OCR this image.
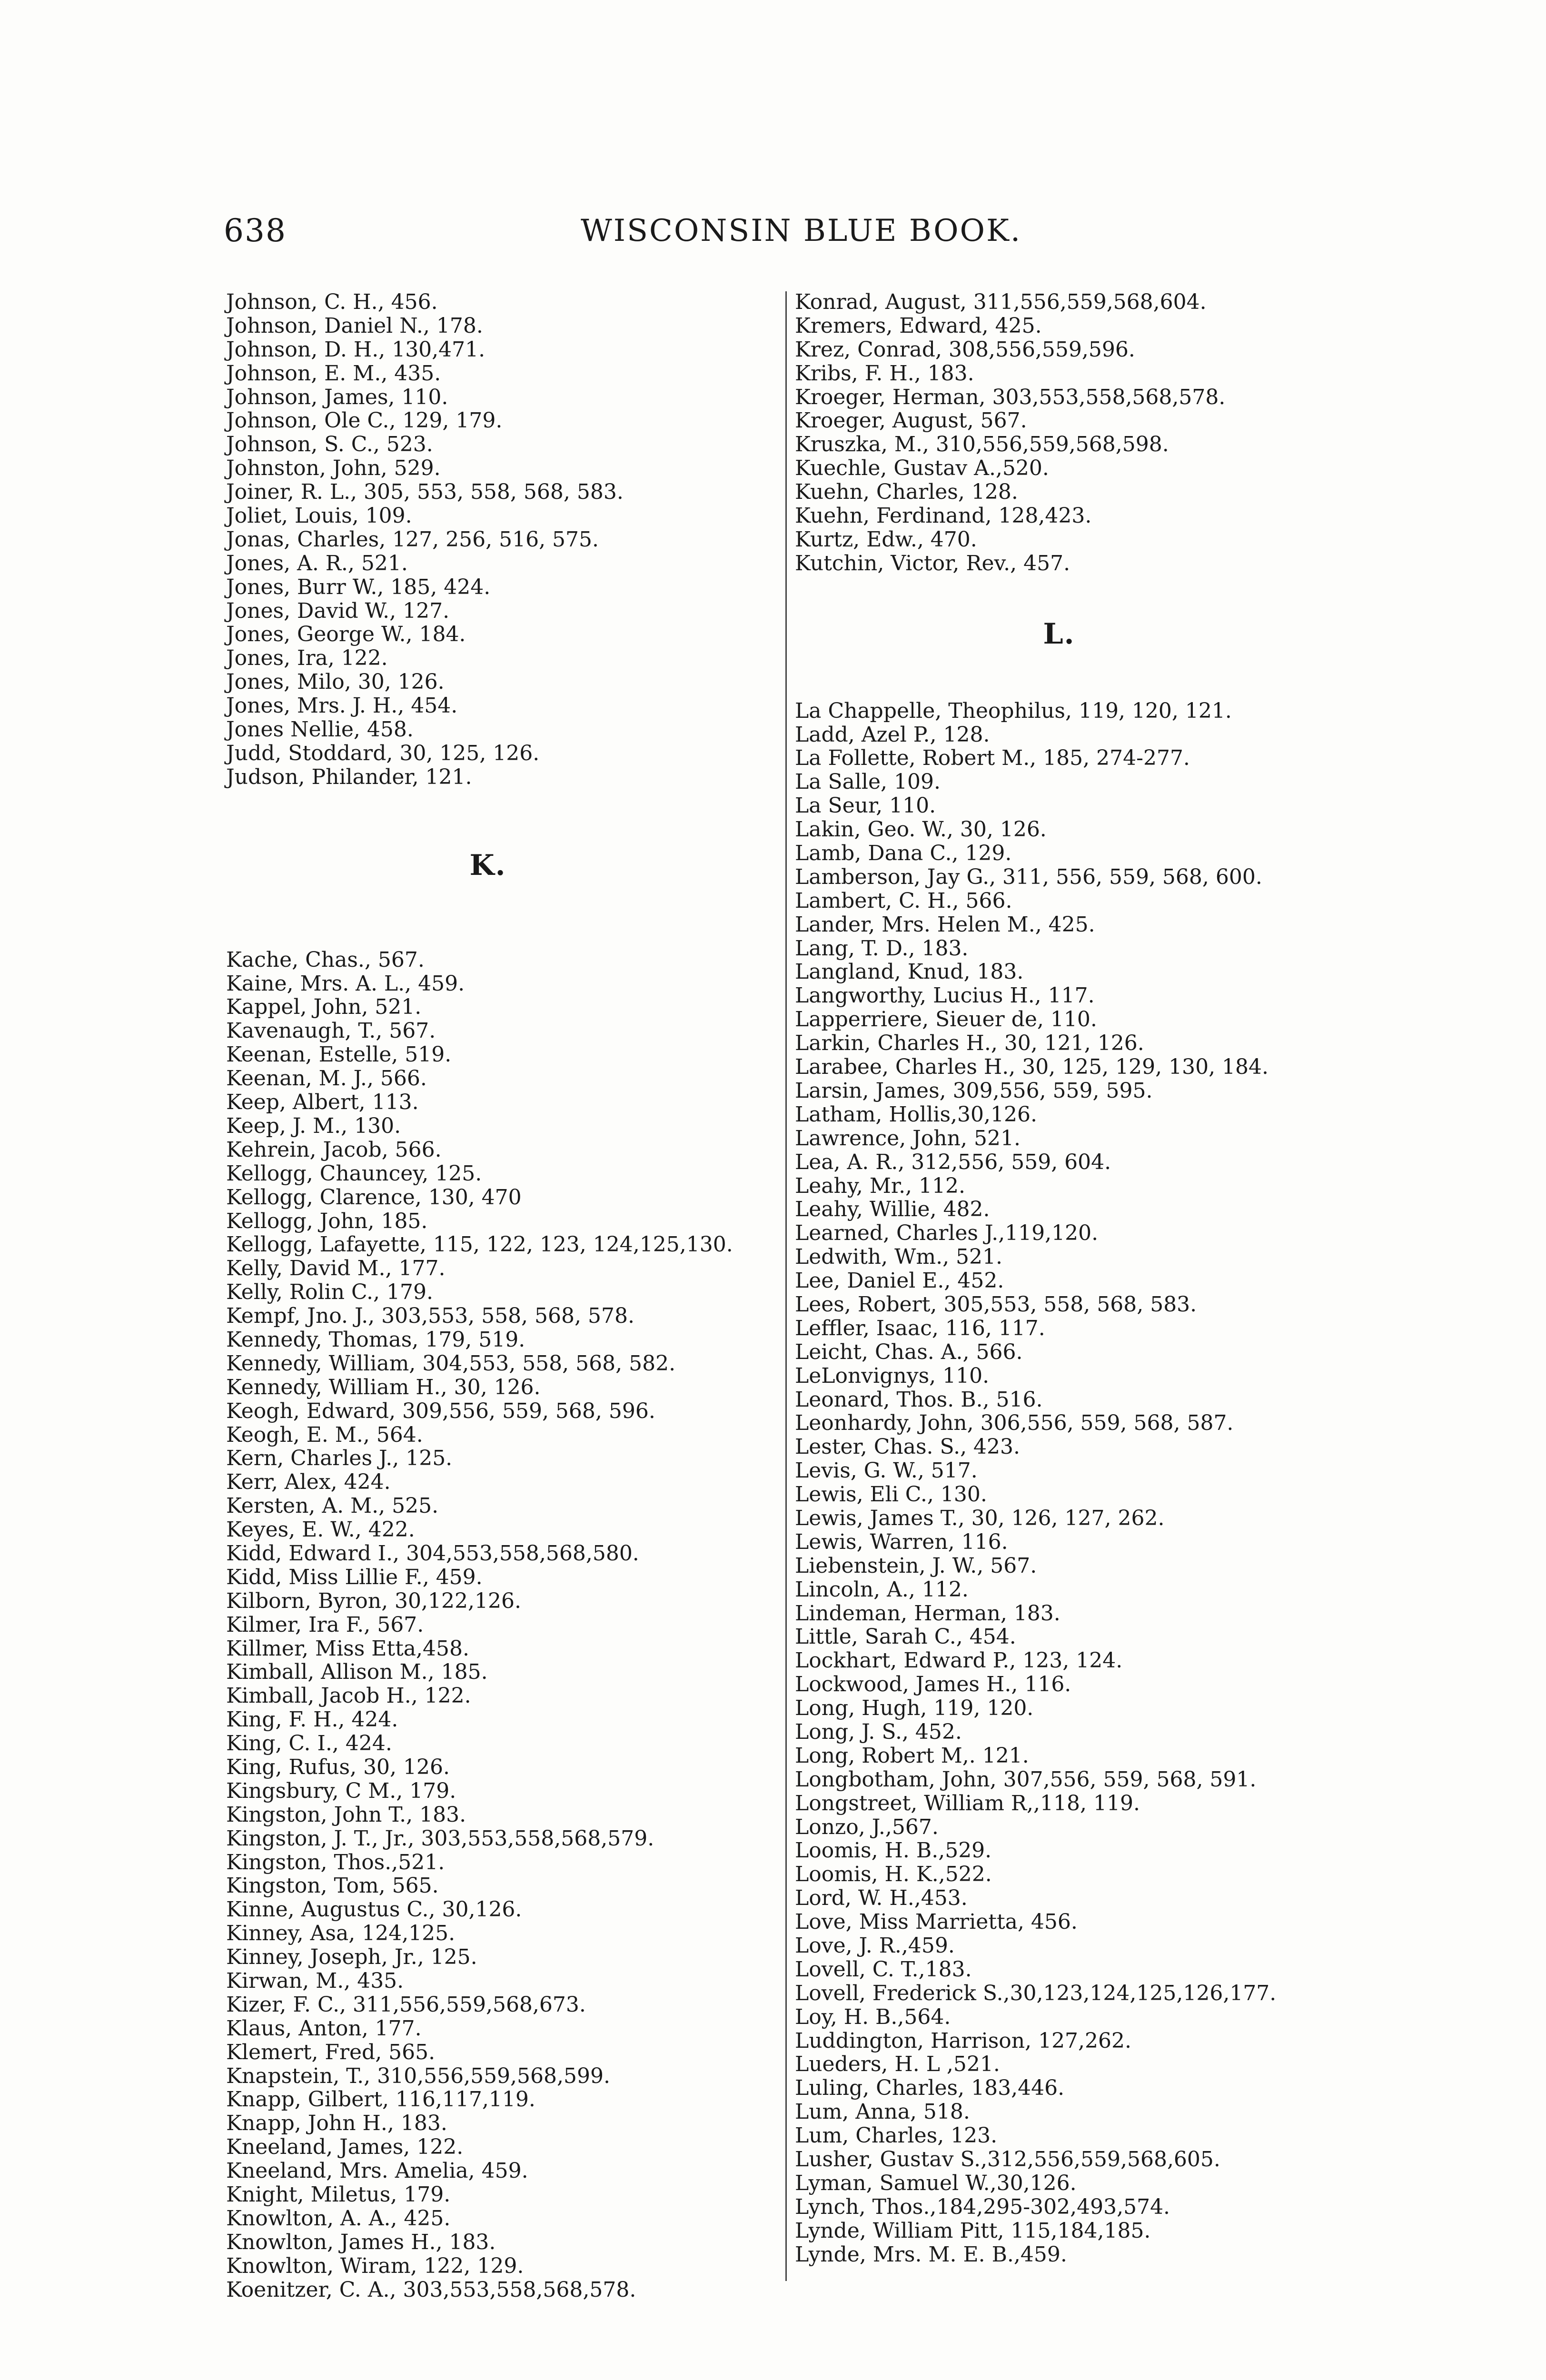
638	WISCONSIN BLUE BOOK.
Johnson, C. H., 456.
Johnson, Daniel N., 178.
Johnson, D. H., 130,471.
Johnson, E. M., 435.
Johnson, James, 110.
Johnson, Ole C., 129, 179.
Johnson, S. C., 523.
Johnston, John, 529.
Joiner, R. L., 305, 553, 558, 568, 583.
Joliet, Louis, 109.
Jonas, Charles, 127, 256, 516, 575.
Jones, A. R., 521.
Jones, Burr W., 185, 424.
Jones, David W., 127.
Jones, George W., 184.
Jones, Ira, 122.
Jones, Milo, 30, 126.
Jones, Mrs. J. H., 454.
Jones Nellie, 458.
Judd, Stoddard, 30, 125, 126.
Judson, Philander, 121.
K.
Kache, Chas., 567.
Kaine, Mrs. A. L., 459.
Kappel, John, 521.
Kavenaugh, T., 567.
Keenan, Estelle, 519.
Keenan, M. J., 566.
Keep, Albert, 113.
Keep, J. M., 130.
Kehrein, Jacob, 566.
Kellogg, Chauncey, 125.
Kellogg, Clarence, 130, 470
Kellogg, John, 185.
Kellogg, Lafayette, 115, 122, 123, 124,125,130.
Kelly, David M., 177.
Kelly, Rolin C., 179.
Kempf, Jno. J., 303,553, 558, 568, 578.
Kennedy, Thomas, 179, 519.
Kennedy, William, 304,553, 558, 568, 582.
Kennedy, William H., 30, 126.
Keogh, Edward, 309,556, 559, 568, 596.
Keogh, E. M., 564.
Kern, Charles J., 125.
Kerr, Alex, 424.
Kersten, A. M., 525.
Keyes, E. W., 422.
Kidd, Edward I., 304,553,558,568,580.
Kidd, Miss Lillie F., 459.
Kilborn, Byron, 30,122,126.
Kilmer, Ira F., 567.
Killmer, Miss Etta,458.
Kimball, Allison M., 185.
Kimball, Jacob H., 122.
King, F. H., 424.
King, C. I., 424.
King, Rufus, 30, 126.
Kingsbury, C M., 179.
Kingston, John T., 183.
Kingston, J. T., Jr., 303,553,558,568,579.
Kingston, Thos.,521.
Kingston, Tom, 565.
Kinne, Augustus C., 30,126.
Kinney, Asa, 124,125.
Kinney, Joseph, Jr., 125.
Kirwan, M., 435.
Kizer, F. C., 311,556,559,568,673.
Klaus, Anton, 177.
Klemert, Fred, 565.
Knapstein, T., 310,556,559,568,599.
Knapp, Gilbert, 116,117,119.
Knapp, John H., 183.
Kneeland, James, 122.
Kneeland, Mrs. Amelia, 459.
Knight, Miletus, 179.
Knowlton, A. A., 425.
Knowlton, James H., 183.
Knowlton, Wiram, 122, 129.
Koenitzer, C. A., 303,553,558,568,578.
Konrad, August, 311,556,559,568,604.
Kremers, Edward, 425.
Krez, Conrad, 308,556,559,596.
Kribs, F. H., 183.
Kroeger, Herman, 303,553,558,568,578.
Kroeger, August, 567.
Kruszka, M., 310,556,559,568,598.
Kuechle, Gustav A.,520.
Kuehn, Charles, 128.
Kuehn, Ferdinand, 128,423.
Kurtz, Edw., 470.
Kutchin, Victor, Rev., 457.
L.
La Chappelle, Theophilus, 119, 120, 121.
Ladd, Azel P., 128.
La Follette, Robert M., 185, 274-277.
La Salle, 109.
La Seur, 110.
Lakin, Geo. W., 30, 126.
Lamb, Dana C., 129.
Lamberson, Jay G., 311, 556, 559, 568, 600.
Lambert, C. H., 566.
Lander, Mrs. Helen M., 425.
Lang, T. D., 183.
Langland, Knud, 183.
Langworthy, Lucius H., 117.
Lapperriere, Sieuer de, 110.
Larkin, Charles H., 30, 121, 126.
Larabee, Charles H., 30, 125, 129, 130, 184.
Larsin, James, 309,556, 559, 595.
Latham, Hollis,30,126.
Lawrence, John, 521.
Lea, A. R., 312,556, 559, 604.
Leahy, Mr., 112.
Leahy, Willie, 482.
Learned, Charles J.,119,120.
Ledwith, Wm., 521.
Lee, Daniel E., 452.
Lees, Robert, 305,553, 558, 568, 583.
Leffler, Isaac, 116, 117.
Leicht, Chas. A., 566.
LeLonvignys, 110.
Leonard, Thos. B., 516.
Leonhardy, John, 306,556, 559, 568, 587.
Lester, Chas. S., 423.
Levis, G. W., 517.
Lewis, Eli C., 130.
Lewis, James T., 30, 126, 127, 262.
Lewis, Warren, 116.
Liebenstein, J. W., 567.
Lincoln, A., 112.
Lindeman, Herman, 183.
Little, Sarah C., 454.
Lockhart, Edward P., 123, 124.
Lockwood, James H., 116.
Long, Hugh, 119, 120.
Long, J. S., 452.
Long, Robert M,. 121.
Longbotham, John, 307,556, 559, 568, 591.
Longstreet, William R,,118, 119.
Lonzo, J.,567.
Loomis, H. B.,529.
Loomis, H. K.,522.
Lord, W. H.,453.
Love, Miss Marrietta, 456.
Love, J. R.,459.
Lovell, C. T.,183.
Lovell, Frederick S.,30,123,124,125,126,177.
Loy, H. B.,564.
Luddington, Harrison, 127,262.
Lueders, H. L ,521.
Luling, Charles, 183,446.
Lum, Anna, 518.
Lum, Charles, 123.
Lusher, Gustav S.,312,556,559,568,605.
Lyman, Samuel W.,30,126.
Lynch, Thos.,184,295-302,493,574.
Lynde, William Pitt, 115,184,185.
Lynde, Mrs. M. E. B.,459.
